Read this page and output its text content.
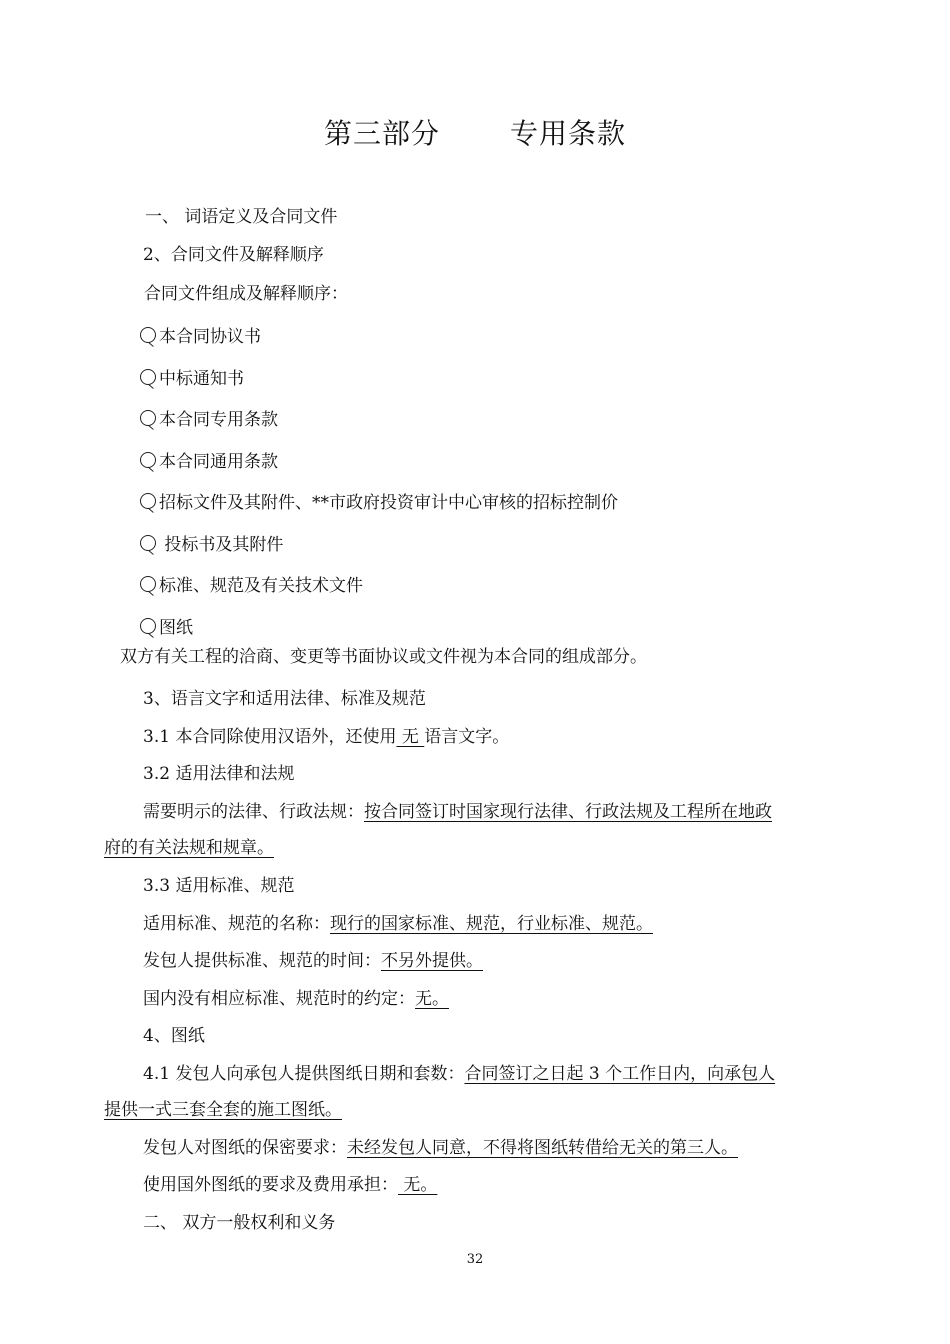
第三部分	专用条款
一、 词语定义及合同文件
2、合同文件及解释顺序
合同文件组成及解释顺序：
本合同协议书
中标通知书
本合同专用条款
本合同通用条款
招标文件及其附件、**市政府投资审计中心审核的招标控制价
投标书及其附件
标准、规范及有关技术文件
图纸
双方有关工程的洽商、变更等书面协议或文件视为本合同的组成部分。
3、语言文字和适用法律、标准及规范
3.1 本合同除使用汉语外，还使用 无 语言文字。
3.2 适用法律和法规
需要明示的法律、行政法规：按合同签订时国家现行法律、行政法规及工程所在地政
府的有关法规和规章。
3.3 适用标准、规范
适用标准、规范的名称：现行的国家标准、规范，行业标准、规范。
发包人提供标准、规范的时间：不另外提供。
国内没有相应标准、规范时的约定：无。
4、图纸
4.1 发包人向承包人提供图纸日期和套数：合同签订之日起 3 个工作日内，向承包人
提供一式三套全套的施工图纸。
发包人对图纸的保密要求：未经发包人同意，不得将图纸转借给无关的第三人。
使用国外图纸的要求及费用承担： 无。
二、 双方一般权利和义务
32
